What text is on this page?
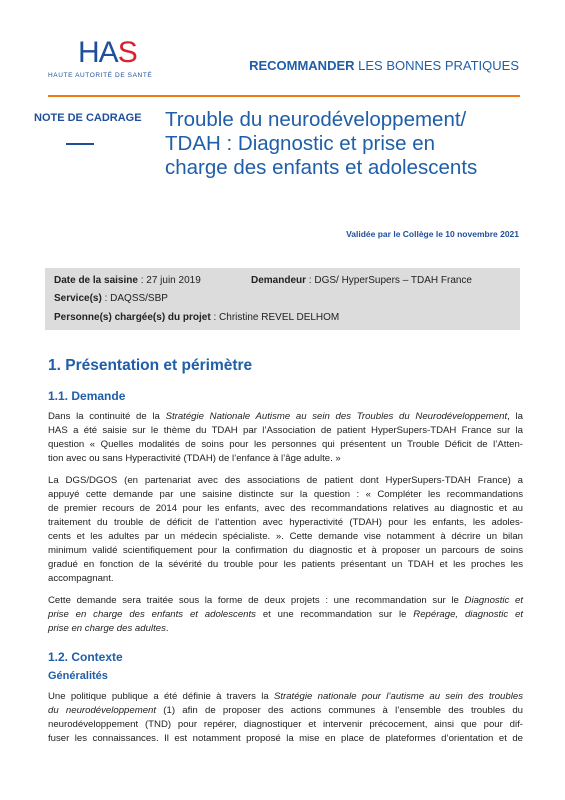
HAS
HAUTE AUTORITÉ DE SANTÉ
RECOMMANDER LES BONNES PRATIQUES
NOTE DE CADRAGE Trouble du neurodéveloppement/
TDAH : Diagnostic et prise en
charge des enfants et adolescents
Validée par le Collège le 10 novembre 2021
Date de la saisine : 27 juin 2019	Demandeur : DGS/ HyperSupers – TDAH France
Service(s) : DAQSS/SBP
Personne(s) chargée(s) du projet : Christine REVEL DELHOM
1. Présentation et périmètre
1.1. Demande
Dans la continuité de la Stratégie Nationale Autisme au sein des Troubles du Neurodéveloppement, la
HAS a été saisie sur le thème du TDAH par l’Association de patient HyperSupers-TDAH France sur la
question « Quelles modalités de soins pour les personnes qui présentent un Trouble Déficit de l’Atten-
tion avec ou sans Hyperactivité (TDAH) de l’enfance à l’âge adulte. »
La DGS/DGOS (en partenariat avec des associations de patient dont HyperSupers-TDAH France) a
appuyé cette demande par une saisine distincte sur la question : « Compléter les recommandations
de premier recours de 2014 pour les enfants, avec des recommandations relatives au diagnostic et au
traitement du trouble de déficit de l’attention avec hyperactivité (TDAH) pour les enfants, les adoles-
cents et les adultes par un médecin spécialiste. ». Cette demande vise notamment à décrire un bilan
minimum validé scientifiquement pour la confirmation du diagnostic et à proposer un parcours de soins
gradué en fonction de la sévérité du trouble pour les patients présentant un TDAH et les proches les
accompagnant.
Cette demande sera traitée sous la forme de deux projets : une recommandation sur le Diagnostic et
prise en charge des enfants et adolescents et une recommandation sur le Repérage, diagnostic et
prise en charge des adultes.
1.2. Contexte
Généralités
Une politique publique a été définie à travers la Stratégie nationale pour l’autisme au sein des troubles
du neurodéveloppement (1) afin de proposer des actions communes à l’ensemble des troubles du
neurodéveloppement (TND) pour repérer, diagnostiquer et intervenir précocement, ainsi que pour dif-
fuser les connaissances. Il est notamment proposé la mise en place de plateformes d’orientation et de
